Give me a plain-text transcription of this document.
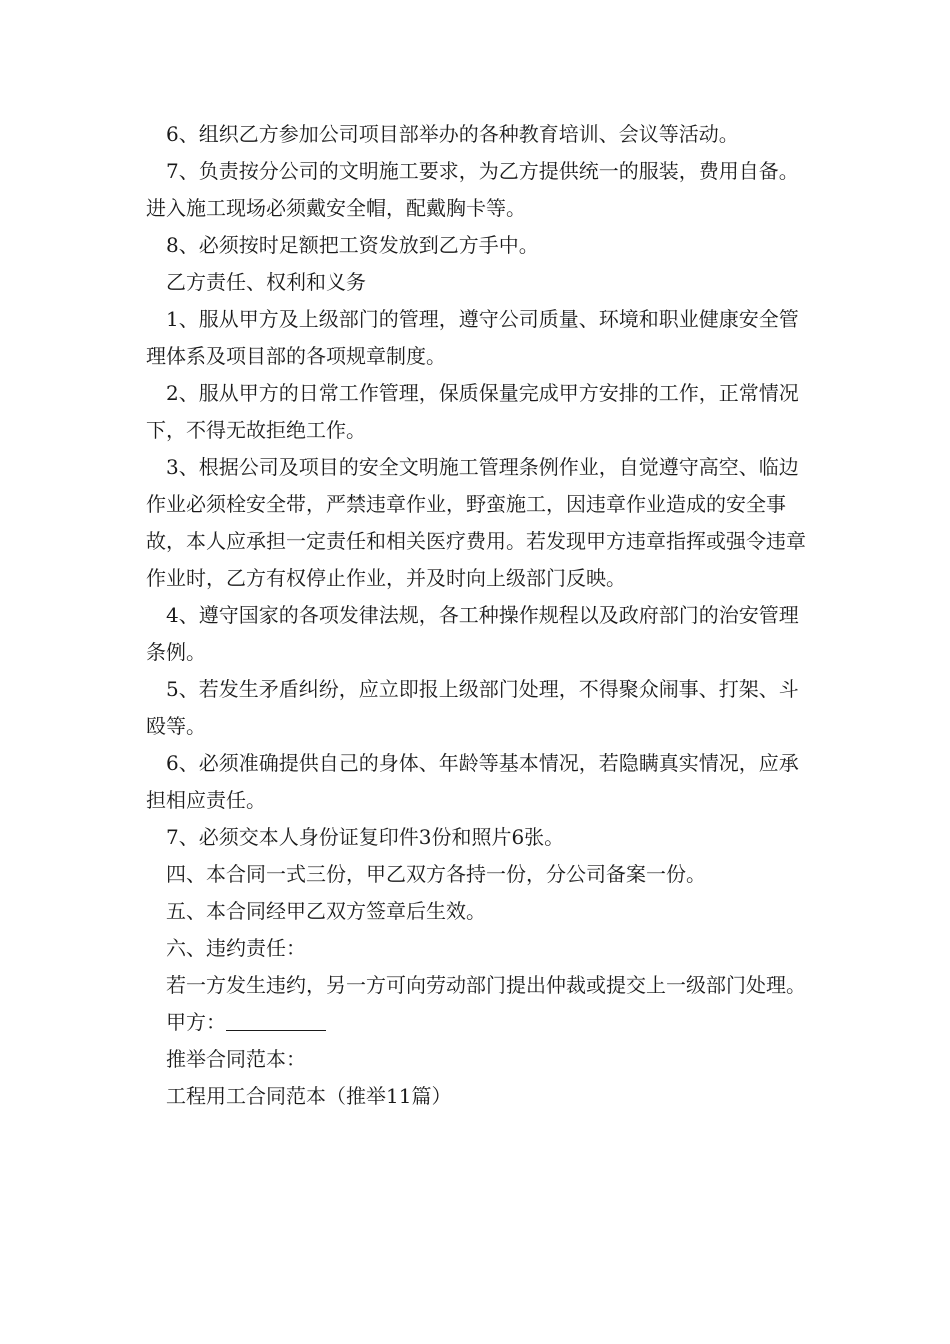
6、组织乙方参加公司项目部举办的各种教育培训、会议等活动。

7、负责按分公司的文明施工要求，为乙方提供统一的服装，费用自备。进入施工现场必须戴安全帽，配戴胸卡等。

8、必须按时足额把工资发放到乙方手中。

乙方责任、权利和义务

1、服从甲方及上级部门的管理，遵守公司质量、环境和职业健康安全管理体系及项目部的各项规章制度。

2、服从甲方的日常工作管理，保质保量完成甲方安排的工作，正常情况下，不得无故拒绝工作。

3、根据公司及项目的安全文明施工管理条例作业，自觉遵守高空、临边作业必须栓安全带，严禁违章作业，野蛮施工，因违章作业造成的安全事故，本人应承担一定责任和相关医疗费用。若发现甲方违章指挥或强令违章作业时，乙方有权停止作业，并及时向上级部门反映。

4、遵守国家的各项发律法规，各工种操作规程以及政府部门的治安管理条例。

5、若发生矛盾纠纷，应立即报上级部门处理，不得聚众闹事、打架、斗殴等。

6、必须准确提供自己的身体、年龄等基本情况，若隐瞒真实情况，应承担相应责任。

7、必须交本人身份证复印件3份和照片6张。

四、本合同一式三份，甲乙双方各持一份，分公司备案一份。

五、本合同经甲乙双方签章后生效。

六、违约责任：

若一方发生违约，另一方可向劳动部门提出仲裁或提交上一级部门处理。

甲方：

推举合同范本：

工程用工合同范本（推举11篇）
